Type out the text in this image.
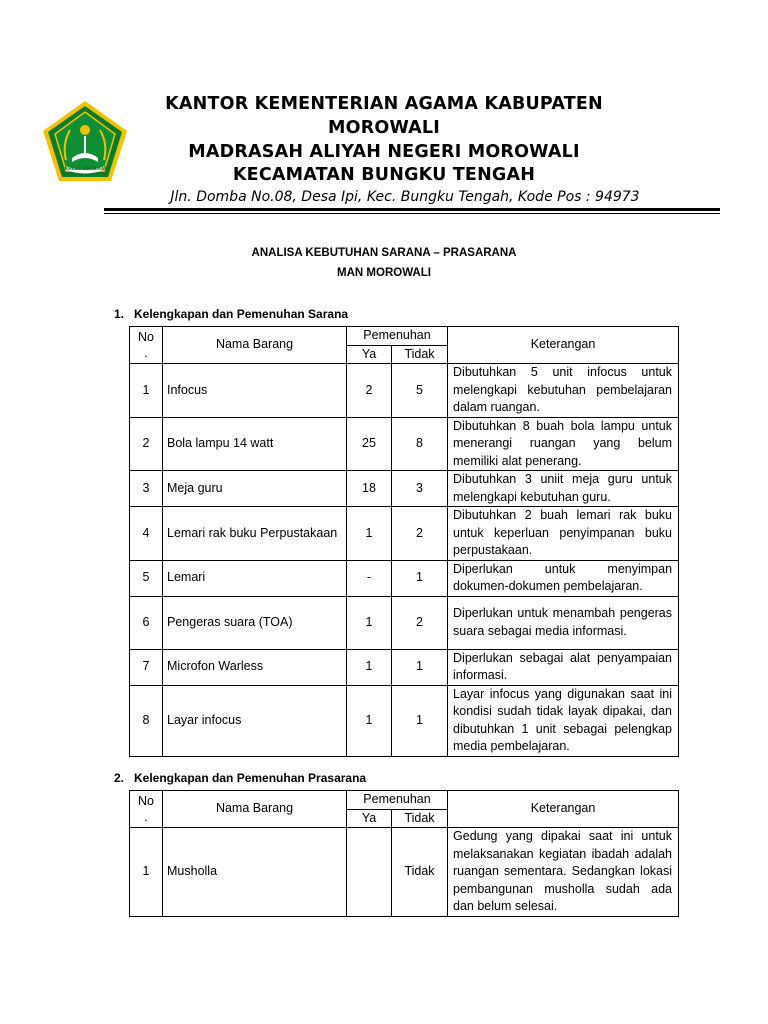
IKHLAS BERAMAL
KANTOR KEMENTERIAN AGAMA KABUPATEN
MOROWALI
MADRASAH ALIYAH NEGERI MOROWALI
KECAMATAN BUNGKU TENGAH
Jln. Domba No.08, Desa Ipi, Kec. Bungku Tengah, Kode Pos : 94973
ANALISA KEBUTUHAN SARANA – PRASARANA
MAN MOROWALI
1. Kelengkapan dan Pemenuhan Sarana
No
.	Nama Barang	Pemenuhan		Keterangan
		Ya	Tidak	
1	Infocus	2	5	Dibutuhkan 5 unit infocus untuk melengkapi kebutuhan pembelajaran dalam ruangan.
2	Bola lampu 14 watt	25	8	Dibutuhkan 8 buah bola lampu untuk menerangi ruangan yang belum memiliki alat penerang.
3	Meja guru	18	3	Dibutuhkan 3 uniit meja guru untuk melengkapi kebutuhan guru.
4	Lemari rak buku Perpustakaan	1	2	Dibutuhkan 2 buah lemari rak buku untuk keperluan penyimpanan buku perpustakaan.
5	Lemari	-	1	Diperlukan untuk menyimpan dokumen-dokumen pembelajaran.
6	Pengeras suara (TOA)	1	2	Diperlukan untuk menambah pengeras suara sebagai media informasi.
7	Microfon Warless	1	1	Diperlukan sebagai alat penyampaian informasi.
8	Layar infocus	1	1	Layar infocus yang digunakan saat ini kondisi sudah tidak layak dipakai, dan dibutuhkan 1 unit sebagai pelengkap media pembelajaran.
2. Kelengkapan dan Pemenuhan Prasarana
No
.	Nama Barang	Pemenuhan		Keterangan
		Ya	Tidak	
1	Musholla		Tidak	Gedung yang dipakai saat ini untuk melaksanakan kegiatan ibadah adalah ruangan sementara. Sedangkan lokasi pembangunan musholla sudah ada dan belum selesai.
